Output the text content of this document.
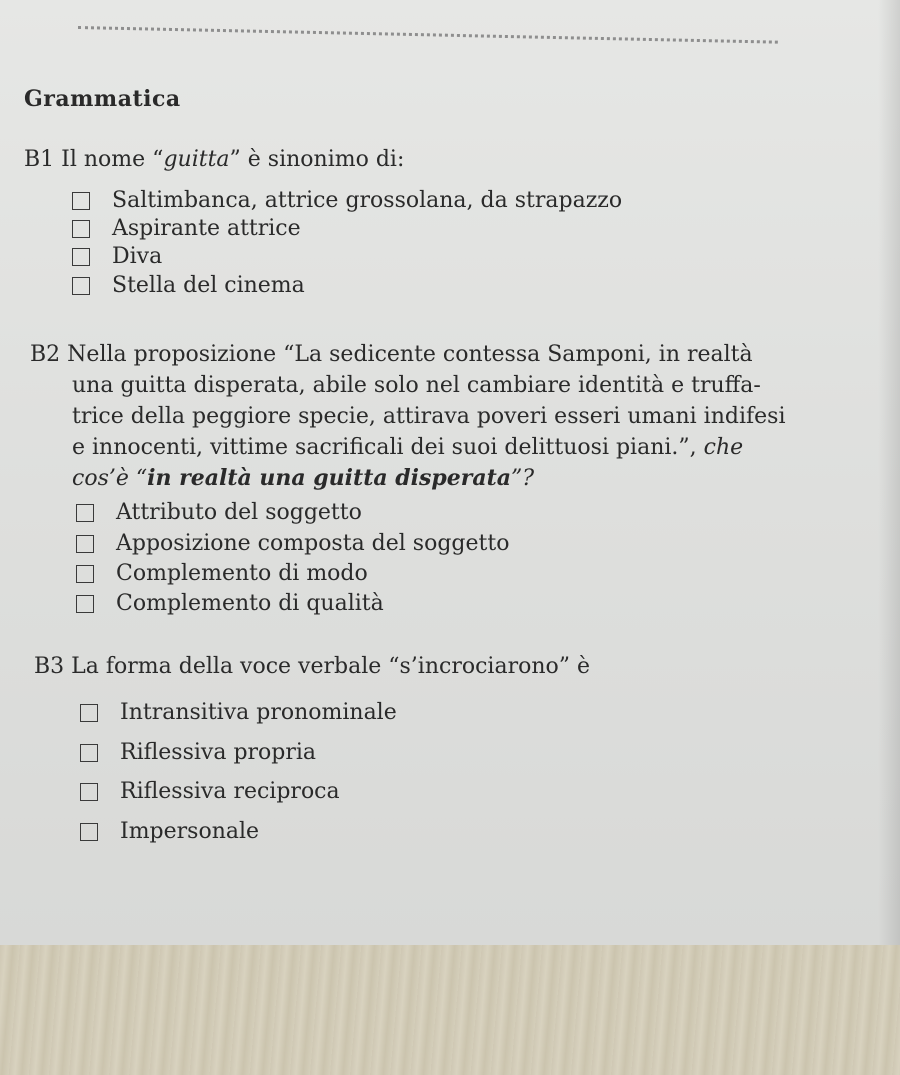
Grammatica

B1 Il nome “guitta” è sinonimo di:

Saltimbanca, attrice grossolana, da strapazzo
Aspirante attrice
Diva
Stella del cinema
B2 Nella proposizione “La sedicente contessa Samponi, in realtà
una guitta disperata, abile solo nel cambiare identità e truffa-
trice della peggiore specie, attirava poveri esseri umani indifesi
e innocenti, vittime sacrificali dei suoi delittuosi piani.”, che
cos’è “in realtà una guitta disperata”?
Attributo del soggetto
Apposizione composta del soggetto
Complemento di modo
Complemento di qualità

B3 La forma della voce verbale “s’incrociarono” è

Intransitiva pronominale
Riflessiva propria
Riflessiva reciproca
Impersonale
